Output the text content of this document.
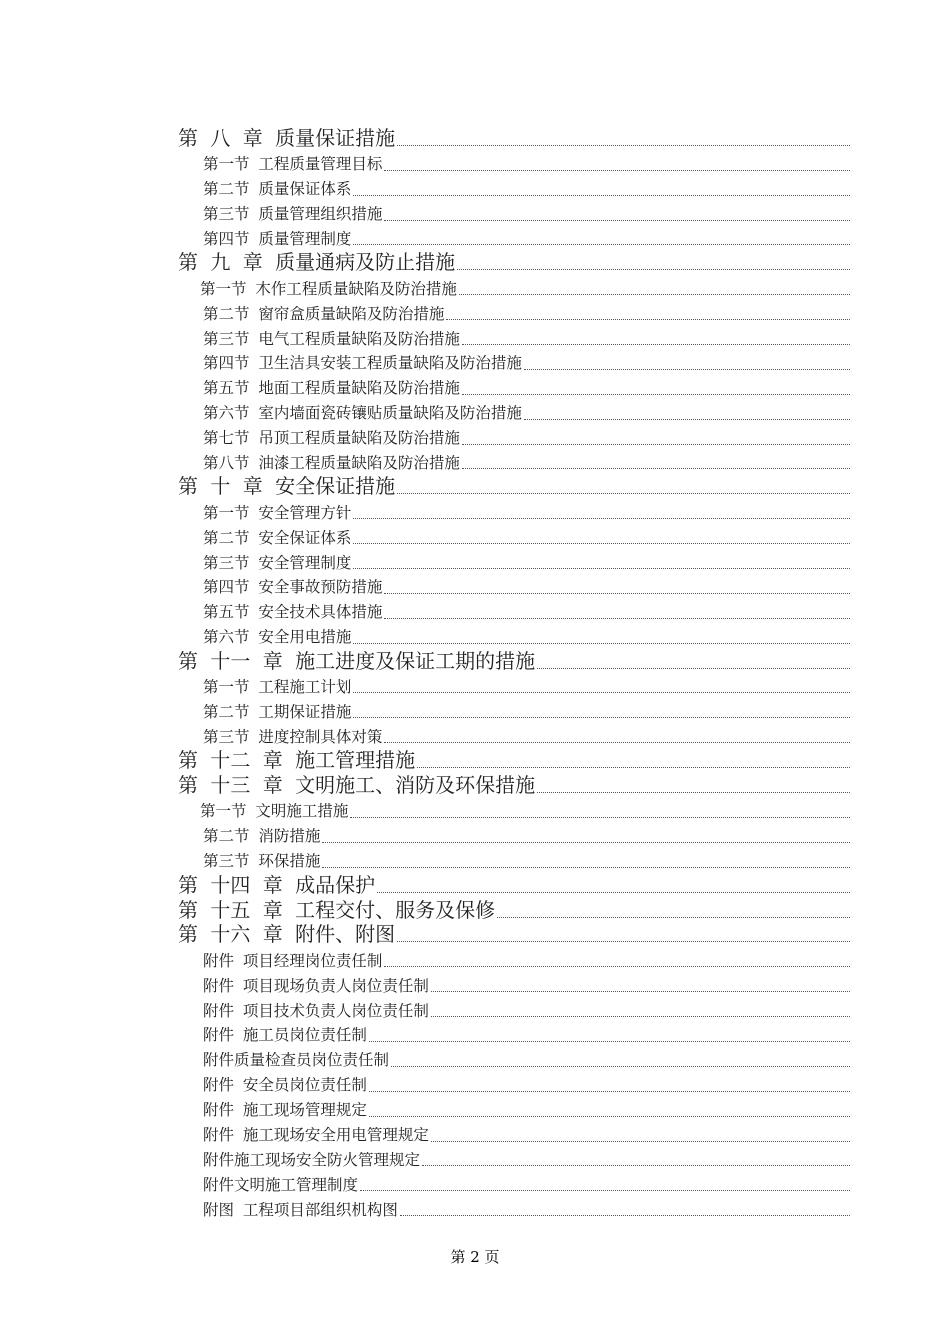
第 八 章 质量保证措施
第一节 工程质量管理目标
第二节 质量保证体系
第三节 质量管理组织措施
第四节 质量管理制度
第 九 章 质量通病及防止措施
第一节 木作工程质量缺陷及防治措施
第二节 窗帘盒质量缺陷及防治措施
第三节 电气工程质量缺陷及防治措施
第四节 卫生洁具安装工程质量缺陷及防治措施
第五节 地面工程质量缺陷及防治措施
第六节 室内墙面瓷砖镶贴质量缺陷及防治措施
第七节 吊顶工程质量缺陷及防治措施
第八节 油漆工程质量缺陷及防治措施
第 十 章 安全保证措施
第一节 安全管理方针
第二节 安全保证体系
第三节 安全管理制度
第四节 安全事故预防措施
第五节 安全技术具体措施
第六节 安全用电措施
第 十一 章 施工进度及保证工期的措施
第一节 工程施工计划
第二节 工期保证措施
第三节 进度控制具体对策
第 十二 章 施工管理措施
第 十三 章 文明施工、消防及环保措施
第一节 文明施工措施
第二节 消防措施
第三节 环保措施
第 十四 章 成品保护
第 十五 章 工程交付、服务及保修
第 十六 章 附件、附图
附件 项目经理岗位责任制
附件 项目现场负责人岗位责任制
附件 项目技术负责人岗位责任制
附件 施工员岗位责任制
附件质量检查员岗位责任制
附件 安全员岗位责任制
附件 施工现场管理规定
附件 施工现场安全用电管理规定
附件施工现场安全防火管理规定
附件文明施工管理制度
附图 工程项目部组织机构图
第 2 页
